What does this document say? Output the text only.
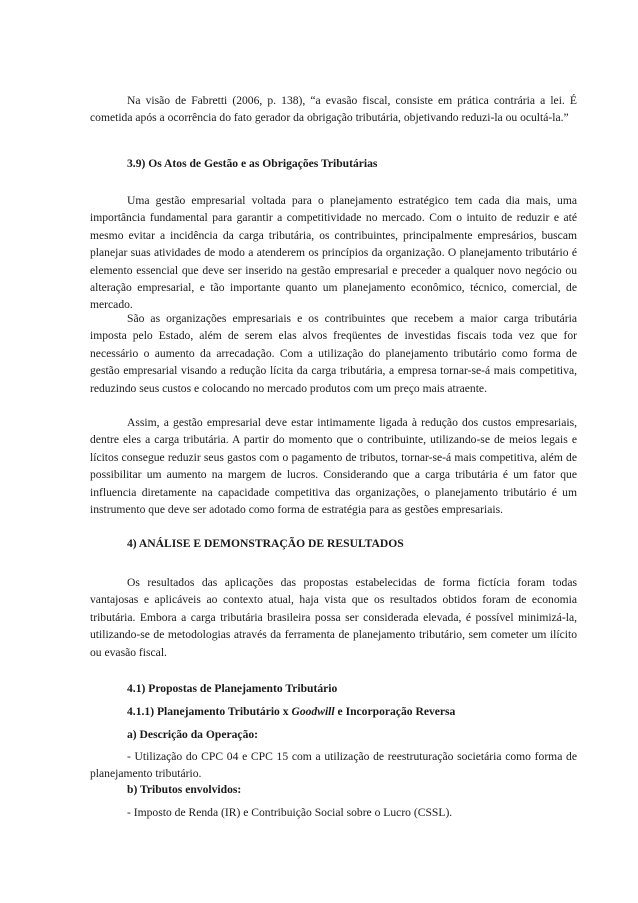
Na visão de Fabretti (2006, p. 138), “a evasão fiscal, consiste em prática contrária a lei. É cometida após a ocorrência do fato gerador da obrigação tributária, objetivando reduzi-la ou ocultá-la.”

3.9) Os Atos de Gestão e as Obrigações Tributárias

Uma gestão empresarial voltada para o planejamento estratégico tem cada dia mais, uma importância fundamental para garantir a competitividade no mercado. Com o intuito de reduzir e até mesmo evitar a incidência da carga tributária, os contribuintes, principalmente empresários, buscam planejar suas atividades de modo a atenderem os princípios da organização. O planejamento tributário é elemento essencial que deve ser inserido na gestão empresarial e preceder a qualquer novo negócio ou alteração empresarial, e tão importante quanto um planejamento econômico, técnico, comercial, de mercado.

São as organizações empresariais e os contribuintes que recebem a maior carga tributária imposta pelo Estado, além de serem elas alvos freqüentes de investidas fiscais toda vez que for necessário o aumento da arrecadação. Com a utilização do planejamento tributário como forma de gestão empresarial visando a redução lícita da carga tributária, a empresa tornar-se-á mais competitiva, reduzindo seus custos e colocando no mercado produtos com um preço mais atraente.

Assim, a gestão empresarial deve estar intimamente ligada à redução dos custos empresariais, dentre eles a carga tributária. A partir do momento que o contribuinte, utilizando-se de meios legais e lícitos consegue reduzir seus gastos com o pagamento de tributos, tornar-se-á mais competitiva, além de possibilitar um aumento na margem de lucros. Considerando que a carga tributária é um fator que influencia diretamente na capacidade competitiva das organizações, o planejamento tributário é um instrumento que deve ser adotado como forma de estratégia para as gestões empresariais.

4) ANÁLISE E DEMONSTRAÇÃO DE RESULTADOS

Os resultados das aplicações das propostas estabelecidas de forma fictícia foram todas vantajosas e aplicáveis ao contexto atual, haja vista que os resultados obtidos foram de economia tributária. Embora a carga tributária brasileira possa ser considerada elevada, é possível minimizá-la, utilizando-se de metodologias através da ferramenta de planejamento tributário, sem cometer um ilícito ou evasão fiscal.

4.1) Propostas de Planejamento Tributário
4.1.1) Planejamento Tributário x Goodwill e Incorporação Reversa
a) Descrição da Operação:

- Utilização do CPC 04 e CPC 15 com a utilização de reestruturação societária como forma de planejamento tributário.

b) Tributos envolvidos:

- Imposto de Renda (IR) e Contribuição Social sobre o Lucro (CSSL).
